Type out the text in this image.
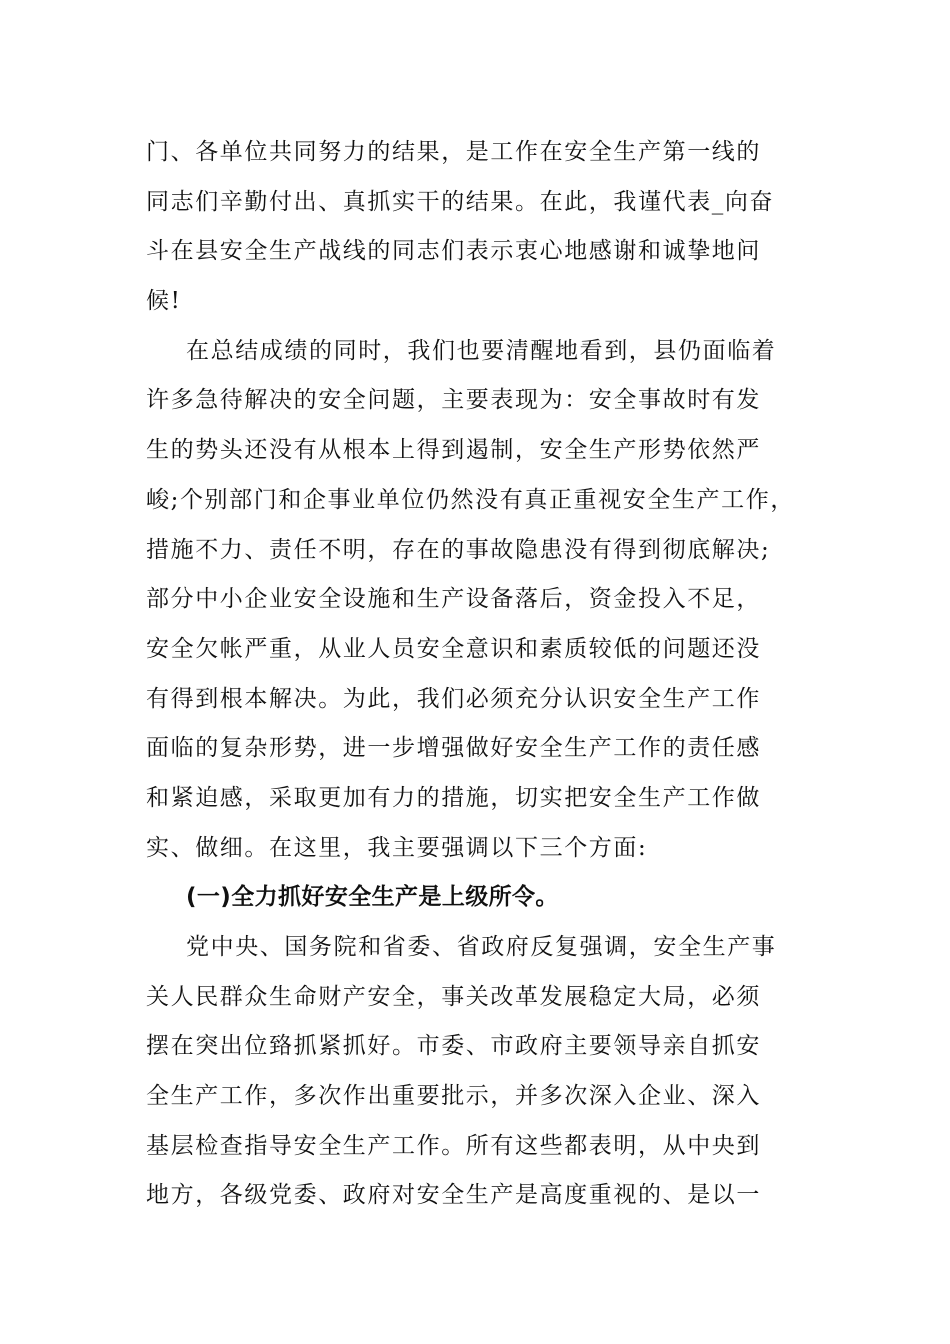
门、各单位共同努力的结果，是工作在安全生产第一线的
同志们辛勤付出、真抓实干的结果。在此，我谨代表_向奋
斗在县安全生产战线的同志们表示衷心地感谢和诚挚地问
候!
在总结成绩的同时，我们也要清醒地看到，县仍面临着
许多急待解决的安全问题，主要表现为：安全事故时有发
生的势头还没有从根本上得到遏制，安全生产形势依然严
峻;个别部门和企事业单位仍然没有真正重视安全生产工作，
措施不力、责任不明，存在的事故隐患没有得到彻底解决;
部分中小企业安全设施和生产设备落后，资金投入不足，
安全欠帐严重，从业人员安全意识和素质较低的问题还没
有得到根本解决。为此，我们必须充分认识安全生产工作
面临的复杂形势，进一步增强做好安全生产工作的责任感
和紧迫感，采取更加有力的措施，切实把安全生产工作做
实、做细。在这里，我主要强调以下三个方面:
(一)全力抓好安全生产是上级所令。
党中央、国务院和省委、省政府反复强调，安全生产事
关人民群众生命财产安全，事关改革发展稳定大局，必须
摆在突出位臵抓紧抓好。市委、市政府主要领导亲自抓安
全生产工作，多次作出重要批示，并多次深入企业、深入
基层检查指导安全生产工作。所有这些都表明，从中央到
地方，各级党委、政府对安全生产是高度重视的、是以一
